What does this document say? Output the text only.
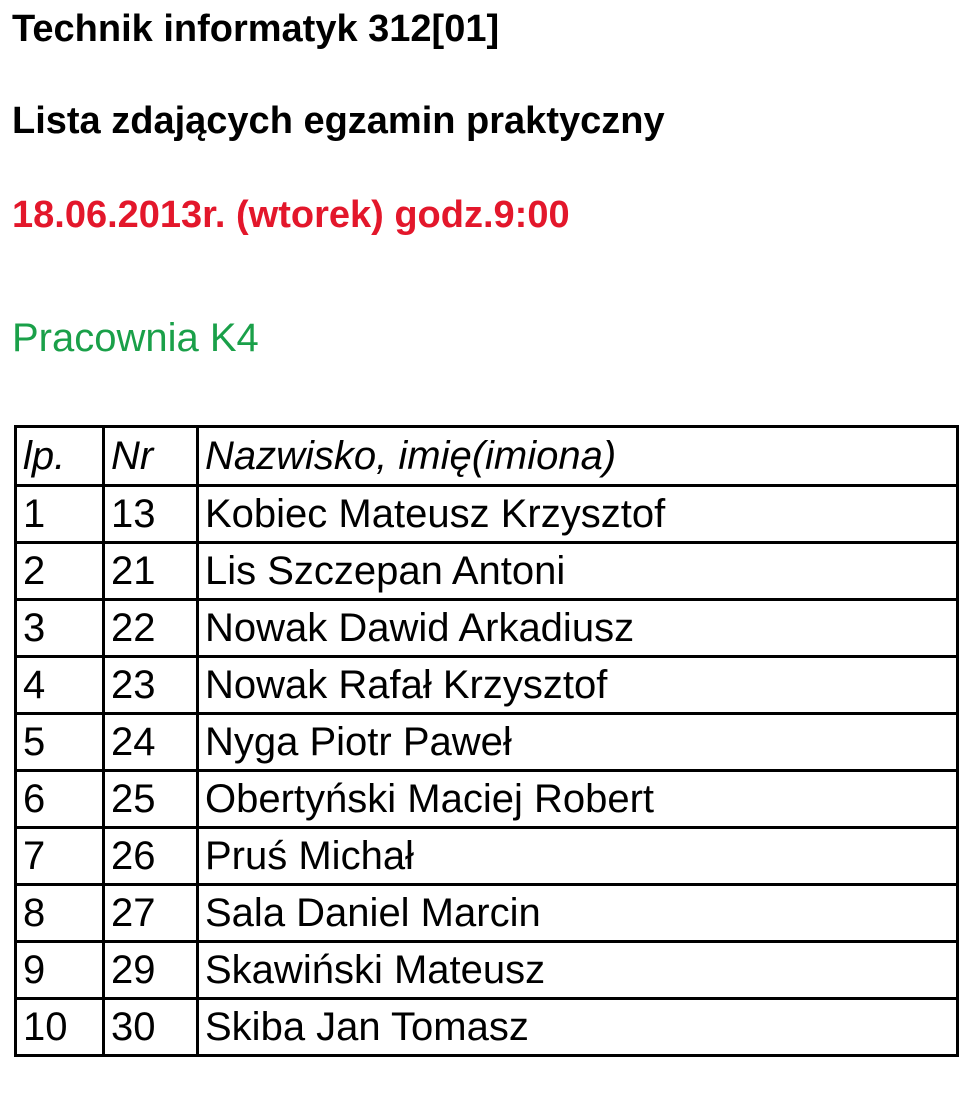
Technik informatyk 312[01]
Lista zdających egzamin praktyczny
18.06.2013r. (wtorek) godz.9:00
Pracownia K4
lp.	Nr	Nazwisko, imię(imiona)
1	13	Kobiec Mateusz Krzysztof
2	21	Lis Szczepan Antoni
3	22	Nowak Dawid Arkadiusz
4	23	Nowak Rafał Krzysztof
5	24	Nyga Piotr Paweł
6	25	Obertyński Maciej Robert
7	26	Pruś Michał
8	27	Sala Daniel Marcin
9	29	Skawiński Mateusz
10	30	Skiba Jan Tomasz
